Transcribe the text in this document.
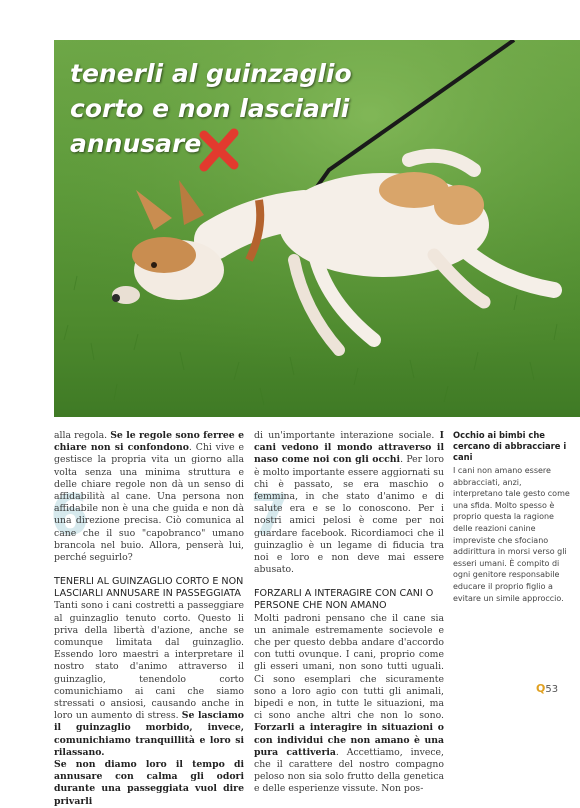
tenerli al guinzaglio
corto e non lasciarli
annusare

alla regola. Se le regole sono ferree e chiare non si confondono. Chi vive e gestisce la propria vita un giorno alla volta senza una minima struttura e delle chiare regole non dà un senso di affidabilità al cane. Una persona non affidabile non è una che guida e non dà una direzione precisa. Ciò comunica al cane che il suo "capobranco" umano brancola nel buio. Allora, penserà lui, perché seguirlo?

6
TENERLI AL GUINZAGLIO CORTO E NON LASCIARLI ANNUSARE IN PASSEGGIATA

Tanti sono i cani costretti a passeggiare al guinzaglio tenuto corto. Questo li priva della libertà d'azione, anche se comunque limitata dal guinzaglio. Essendo loro maestri a interpretare il nostro stato d'animo attraverso il guinzaglio, tenendolo corto comunichiamo ai cani che siamo stressati o ansiosi, causando anche in loro un aumento di stress. Se lasciamo il guinzaglio morbido, invece, comunichiamo tranquillità e loro si rilassano.

Se non diamo loro il tempo di annusare con calma gli odori durante una passeggiata vuol dire privarli

di un'importante interazione sociale. I cani vedono il mondo attraverso il naso come noi con gli occhi. Per loro è molto importante essere aggiornati su chi è passato, se era maschio o femmina, in che stato d'animo e di salute era e se lo conoscono. Per i nostri amici pelosi è come per noi guardare facebook. Ricordiamoci che il guinzaglio è un legame di fiducia tra noi e loro e non deve mai essere abusato.

7
FORZARLI A INTERAGIRE CON CANI O PERSONE CHE NON AMANO

Molti padroni pensano che il cane sia un animale estremamente socievole e che per questo debba andare d'accordo con tutti ovunque. I cani, proprio come gli esseri umani, non sono tutti uguali. Ci sono esemplari che sicuramente sono a loro agio con tutti gli animali, bipedi e non, in tutte le situazioni, ma ci sono anche altri che non lo sono. Forzarli a interagire in situazioni o con individui che non amano è una pura cattiveria. Accettiamo, invece, che il carattere del nostro compagno peloso non sia solo frutto della genetica e delle esperienze vissute. Non pos-

Occhio ai bimbi che cercano di abbracciare i cani
I cani non amano essere abbracciati, anzi, interpretano tale gesto come una sfida. Molto spesso è proprio questa la ragione delle reazioni canine impreviste che sfociano addirittura in morsi verso gli esseri umani. È compito di ogni genitore responsabile educare il proprio figlio a evitare un simile approccio.
Q53
